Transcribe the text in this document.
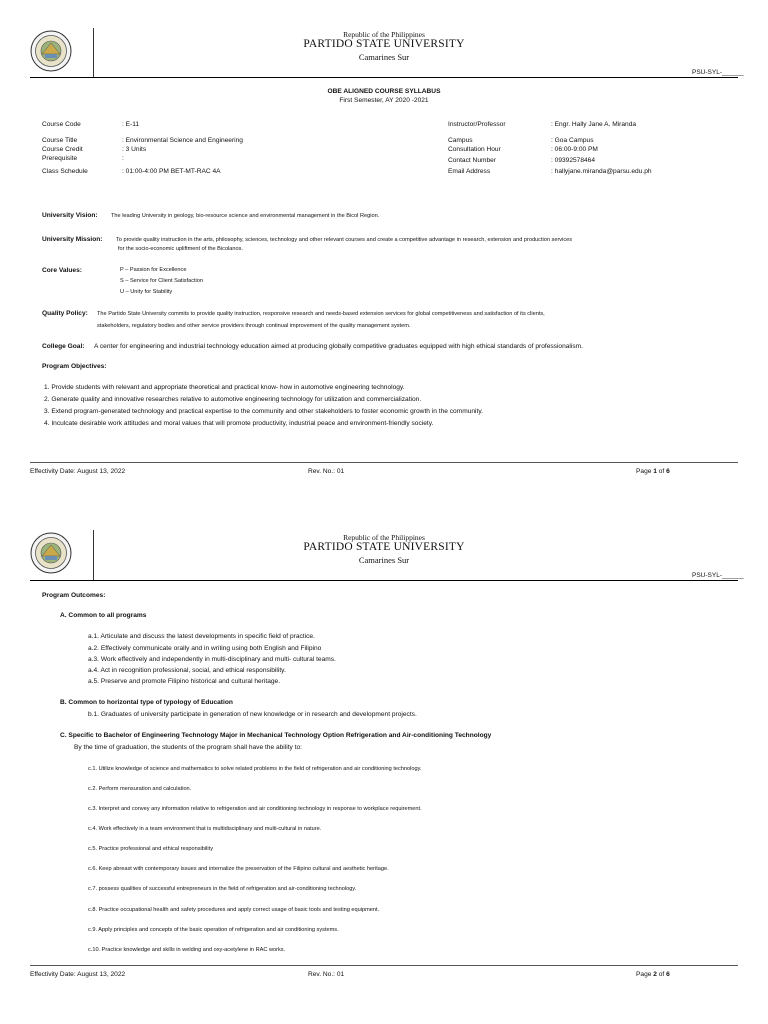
Republic of the Philippines
PARTIDO STATE UNIVERSITY
Camarines Sur
PSU-SYL-______
OBE ALIGNED COURSE SYLLABUS
First Semester, AY 2020 -2021
Course Code	: E-11
Course Title	: Environmental Science and Engineering
Course Credit	: 3 Units
Prerequisite	:
Class Schedule	: 01:00-4:00 PM BET-MT-RAC 4A
Instructor/Professor	: Engr. Hally Jane A. Miranda
Campus	: Goa Campus
Consultation Hour	: 06:00-9:00 PM
Contact Number	: 09392578464
Email Address	: hallyjane.miranda@parsu.edu.ph
University Vision: The leading University in geology, bio-resource science and environmental management in the Bicol Region.
University Mission: To provide quality instruction in the arts, philosophy, sciences, technology and other relevant courses and create a competitive advantage in research, extension and production services
for the socio-economic upliftment of the Bicolanos.
Core Values:	P – Passion for Excellence
S – Service for Client Satisfaction
U – Unity for Stability
Quality Policy: The Partido State University commits to provide quality instruction, responsive research and needs-based extension services for global competitiveness and satisfaction of its clients,
stakeholders, regulatory bodies and other service providers through continual improvement of the quality management system.
College Goal: A center for engineering and industrial technology education aimed at producing globally competitive graduates equipped with high ethical standards of professionalism.
Program Objectives:
1. Provide students with relevant and appropriate theoretical and practical know- how in automotive engineering technology.
2. Generate quality and innovative researches relative to automotive engineering technology for utilization and commercialization.
3. Extend program-generated technology and practical expertise to the community and other stakeholders to foster economic growth in the community.
4. Inculcate desirable work attitudes and moral values that will promote productivity, industrial peace and environment-friendly society.
Effectivity Date: August 13, 2022	Rev. No.: 01	Page 1 of 6
Republic of the Philippines
PARTIDO STATE UNIVERSITY
Camarines Sur
PSU-SYL-______
Program Outcomes:
A. Common to all programs
a.1. Articulate and discuss the latest developments in specific field of practice.
a.2. Effectively communicate orally and in writing using both English and Filipino
a.3. Work effectively and independently in multi-disciplinary and multi- cultural teams.
a.4. Act in recognition professional, social, and ethical responsibility.
a.5. Preserve and promote Filipino historical and cultural heritage.
B. Common to horizontal type of typology of Education
b.1. Graduates of university participate in generation of new knowledge or in research and development projects.
C. Specific to Bachelor of Engineering Technology Major in Mechanical Technology Option Refrigeration and Air-conditioning Technology
By the time of graduation, the students of the program shall have the ability to:
c.1. Utilize knowledge of science and mathematics to solve related problems in the field of refrigeration and air conditioning technology.
c.2. Perform mensuration and calculation.
c.3. Interpret and convey any information relative to refrigeration and air conditioning technology in response to workplace requirement.
c.4. Work effectively in a team environment that is multidisciplinary and multi-cultural in nature.
c.5. Practice professional and ethical responsibility
c.6. Keep abreast with contemporary issues and internalize the preservation of the Filipino cultural and aesthetic heritage.
c.7. possess qualities of successful entrepreneurs in the field of refrigeration and air-conditioning technology.
c.8. Practice occupational health and safety procedures and apply correct usage of basic tools and testing equipment.
c.9. Apply principles and concepts of the basic operation of refrigeration and air conditioning systems.
c.10. Practice knowledge and skills in welding and oxy-acetylene in RAC works.
Effectivity Date: August 13, 2022	Rev. No.: 01	Page 2 of 6
